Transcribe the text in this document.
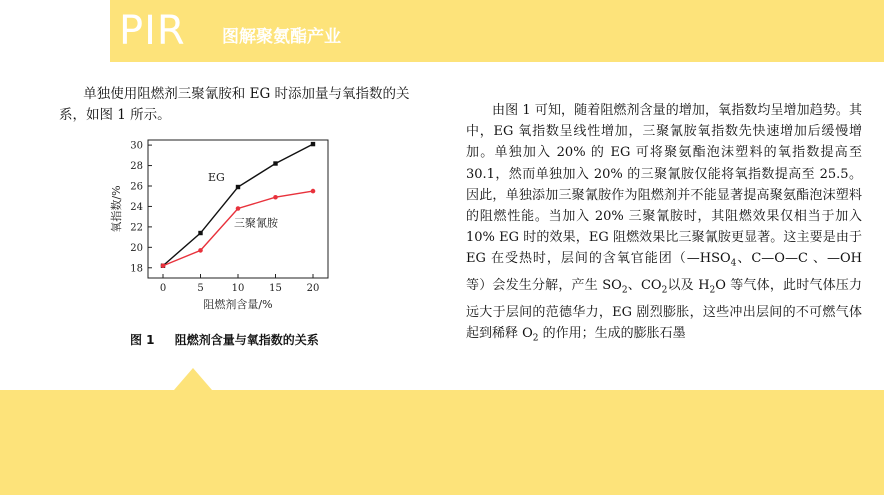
PIR 图解聚氨酯产业
单独使用阻燃剂三聚氰胺和 EG 时添加量与氧指数的关系，如图 1 所示。
0	5	10 15 20
18
20
22
24
26
28
30
阻燃剂含量/%
氧指数/%
EG
三聚氰胺
图 1 阻燃剂含量与氧指数的关系
由图 1 可知，随着阻燃剂含量的增加，氧指数均呈增加趋势。其中，EG 氧指数呈线性增加，三聚氰胺氧指数先快速增加后缓慢增加。单独加入 20% 的 EG 可将聚氨酯泡沫塑料的氧指数提高至 30.1，然而单独加入 20% 的三聚氰胺仅能将氧指数提高至 25.5。因此，单独添加三聚氰胺作为阻燃剂并不能显著提高聚氨酯泡沫塑料的阻燃性能。当加入 20% 三聚氰胺时，其阻燃效果仅相当于加入 10% EG 时的效果，EG 阻燃效果比三聚氰胺更显著。这主要是由于 EG 在受热时，层间的含氧官能团（$—HSO_4$、C—O—C 、—OH 等）会发生分解，产生 $SO_2$、$CO_2$以及 $H_2O$ 等气体，此时气体压力远大于层间的范德华力，EG 剧烈膨胀，这些冲出层间的不可燃气体起到稀释 $O_2$ 的作用；生成的膨胀石墨
